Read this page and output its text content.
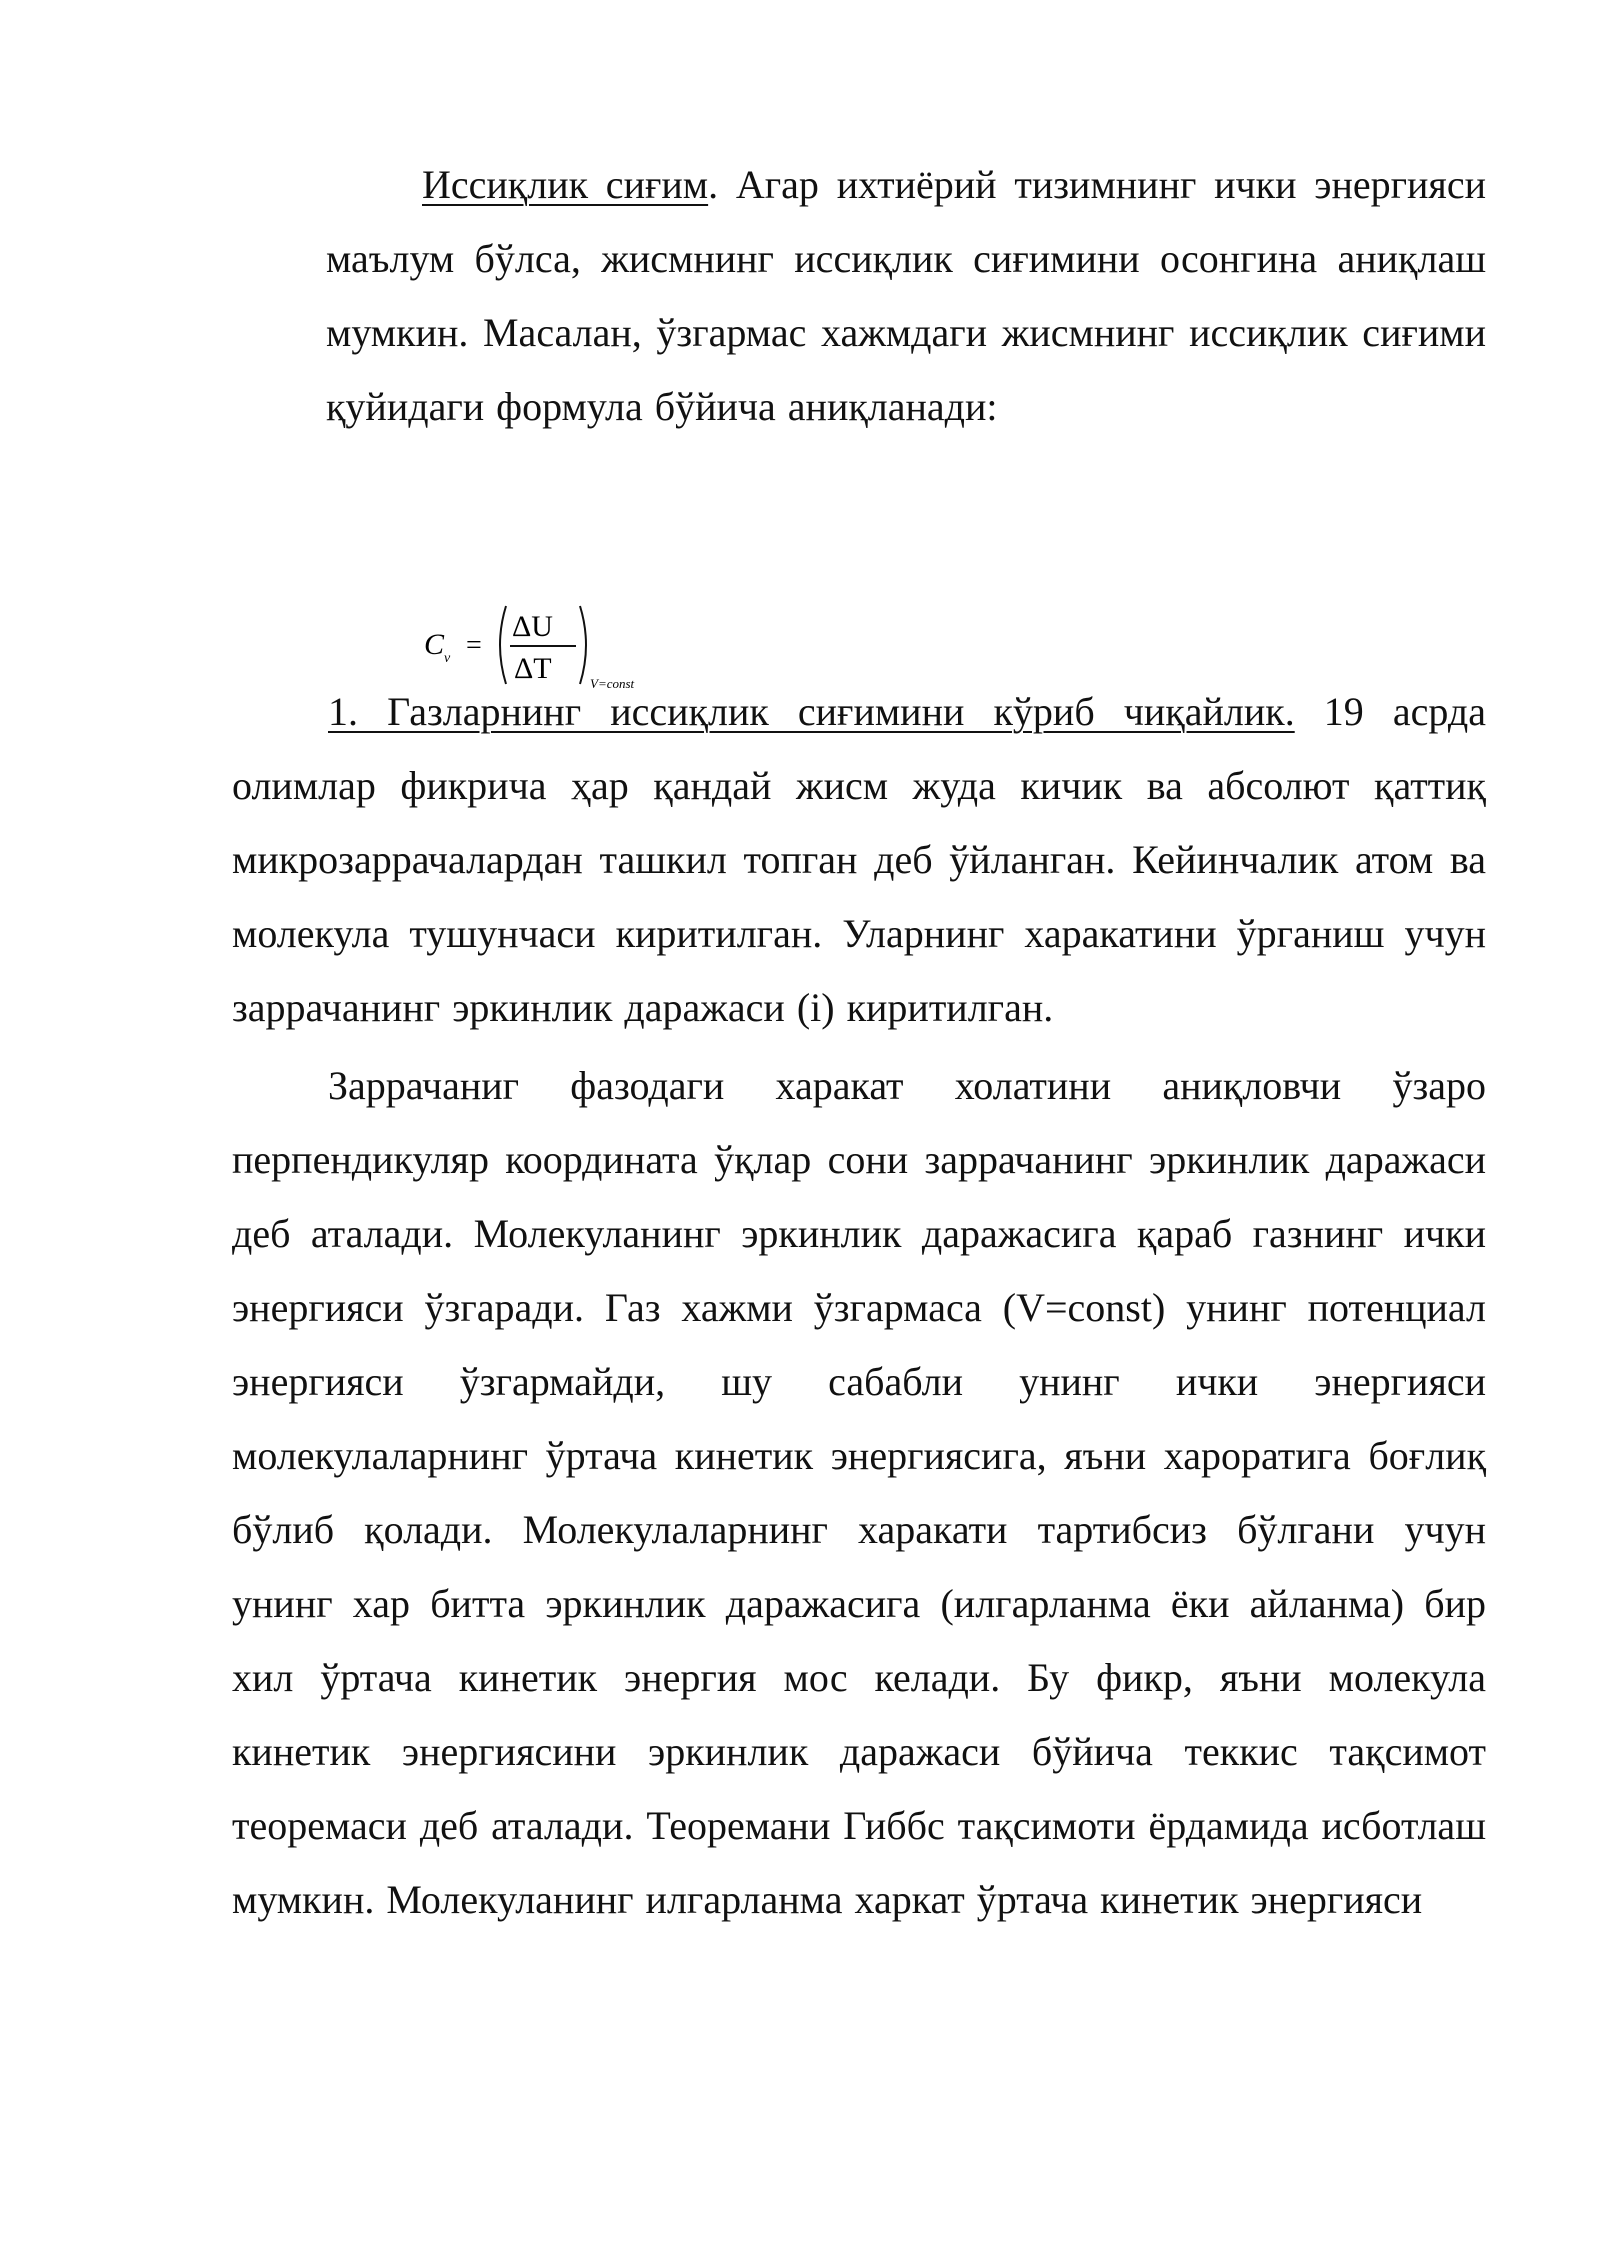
Иссиқлик сиғим. Агар ихтиёрий тизимнинг ички энергияси маълум бўлса, жисмнинг иссиқлик сиғимини осонгина аниқлаш мумкин. Масалан, ўзгармас хажмдаги жисмнинг иссиқлик сиғими қуйидаги формула бўйича аниқланади:

C v =
ΔU
ΔT	V=const

1. Газларнинг иссиқлик сиғимини кўриб чиқайлик. 19 асрда олимлар фикрича ҳар қандай жисм жуда кичик ва абсолют қаттиқ микрозаррачалардан ташкил топган деб ўйланган. Кейинчалик атом ва молекула тушунчаси киритилган. Уларнинг харакатини ўрганиш учун заррачанинг эркинлик даражаси (i) киритилган.

Заррачаниг фазодаги харакат холатини аниқловчи ўзаро перпендикуляр координата ўқлар сони заррачанинг эркинлик даражаси деб аталади. Молекуланинг эркинлик даражасига қараб газнинг ички энергияси ўзгаради. Газ хажми ўзгармаса (V=const) унинг потенциал энергияси ўзгармайди, шу сабабли унинг ички энергияси молекулаларнинг ўртача кинетик энергиясига, яъни хароратига боғлиқ бўлиб қолади. Молекулаларнинг харакати тартибсиз бўлгани учун унинг хар битта эркинлик даражасига (илгарланма ёки айланма) бир хил ўртача кинетик энергия мос келади. Бу фикр, яъни молекула кинетик энергиясини эркинлик даражаси бўйича теккис тақсимот теоремаси деб аталади. Теоремани Гиббс тақсимоти ёрдамида исботлаш мумкин. Молекуланинг илгарланма харкат ўртача кинетик энергияси
